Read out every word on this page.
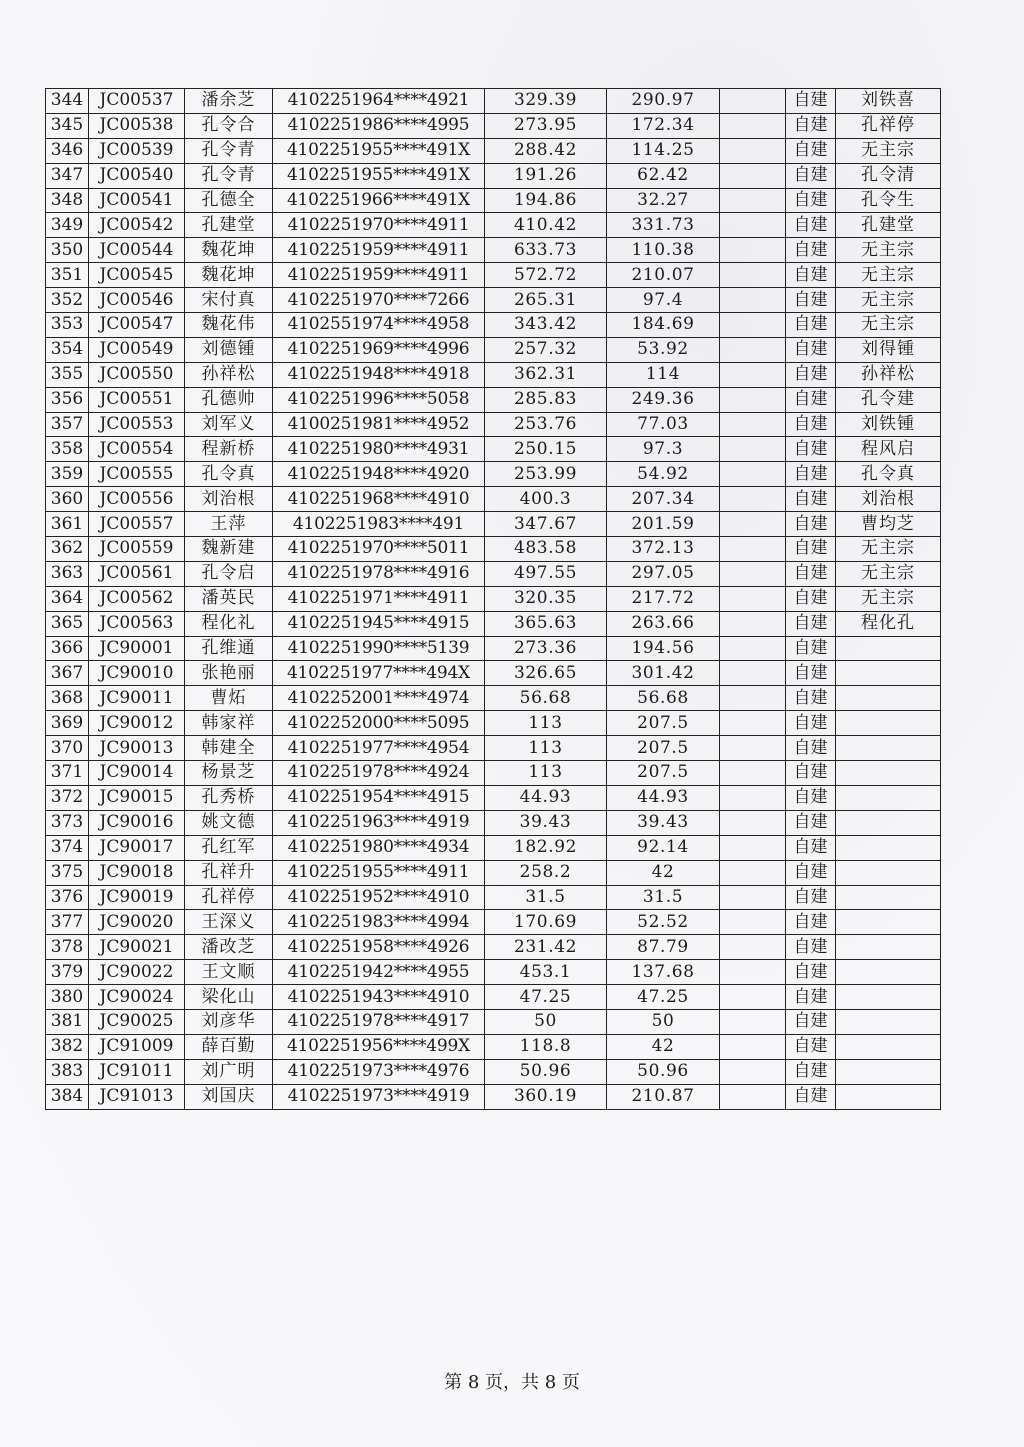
344	JC00537	潘余芝	4102251964****4921	329.39	290.97		自建	刘铁喜
345	JC00538	孔令合	4102251986****4995	273.95	172.34		自建	孔祥停
346	JC00539	孔令青	4102251955****491X	288.42	114.25		自建	无主宗
347	JC00540	孔令青	4102251955****491X	191.26	62.42		自建	孔令清
348	JC00541	孔德全	4102251966****491X	194.86	32.27		自建	孔令生
349	JC00542	孔建堂	4102251970****4911	410.42	331.73		自建	孔建堂
350	JC00544	魏花坤	4102251959****4911	633.73	110.38		自建	无主宗
351	JC00545	魏花坤	4102251959****4911	572.72	210.07		自建	无主宗
352	JC00546	宋付真	4102251970****7266	265.31	97.4		自建	无主宗
353	JC00547	魏花伟	4102551974****4958	343.42	184.69		自建	无主宗
354	JC00549	刘德锺	4102251969****4996	257.32	53.92		自建	刘得锺
355	JC00550	孙祥松	4102251948****4918	362.31	114		自建	孙祥松
356	JC00551	孔德帅	4102251996****5058	285.83	249.36		自建	孔令建
357	JC00553	刘军义	4100251981****4952	253.76	77.03		自建	刘铁锺
358	JC00554	程新桥	4102251980****4931	250.15	97.3		自建	程风启
359	JC00555	孔令真	4102251948****4920	253.99	54.92		自建	孔令真
360	JC00556	刘治根	4102251968****4910	400.3	207.34		自建	刘治根
361	JC00557	王萍	4102251983****491	347.67	201.59		自建	曹均芝
362	JC00559	魏新建	4102251970****5011	483.58	372.13		自建	无主宗
363	JC00561	孔令启	4102251978****4916	497.55	297.05		自建	无主宗
364	JC00562	潘英民	4102251971****4911	320.35	217.72		自建	无主宗
365	JC00563	程化礼	4102251945****4915	365.63	263.66		自建	程化孔
366	JC90001	孔维通	4102251990****5139	273.36	194.56		自建	
367	JC90010	张艳丽	4102251977****494X	326.65	301.42		自建	
368	JC90011	曹炻	4102252001****4974	56.68	56.68		自建	
369	JC90012	韩家祥	4102252000****5095	113	207.5		自建	
370	JC90013	韩建全	4102251977****4954	113	207.5		自建	
371	JC90014	杨景芝	4102251978****4924	113	207.5		自建	
372	JC90015	孔秀桥	4102251954****4915	44.93	44.93		自建	
373	JC90016	姚文德	4102251963****4919	39.43	39.43		自建	
374	JC90017	孔红军	4102251980****4934	182.92	92.14		自建	
375	JC90018	孔祥升	4102251955****4911	258.2	42		自建	
376	JC90019	孔祥停	4102251952****4910	31.5	31.5		自建	
377	JC90020	王深义	4102251983****4994	170.69	52.52		自建	
378	JC90021	潘改芝	4102251958****4926	231.42	87.79		自建	
379	JC90022	王文顺	4102251942****4955	453.1	137.68		自建	
380	JC90024	梁化山	4102251943****4910	47.25	47.25		自建	
381	JC90025	刘彦华	4102251978****4917	50	50		自建	
382	JC91009	薛百勤	4102251956****499X	118.8	42		自建	
383	JC91011	刘广明	4102251973****4976	50.96	50.96		自建	
384	JC91013	刘国庆	4102251973****4919	360.19	210.87		自建	
第 8 页，共 8 页
